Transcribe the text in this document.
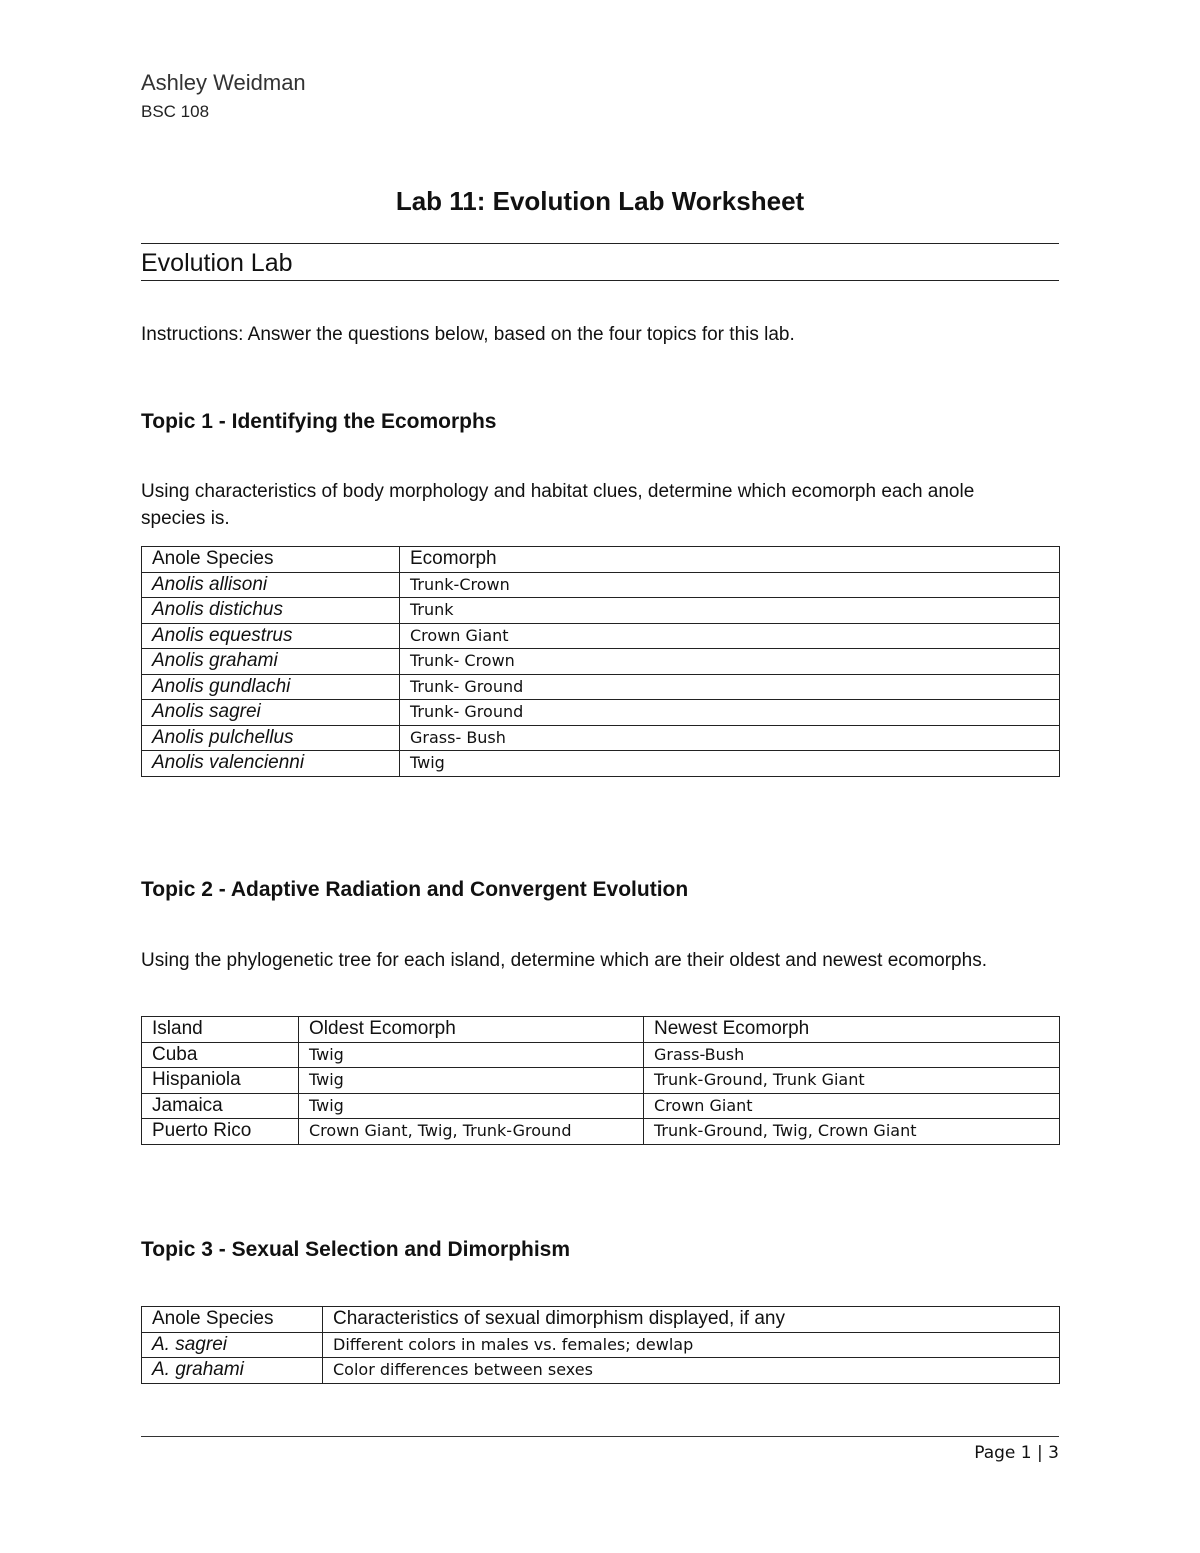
Ashley Weidman
BSC 108
Lab 11: Evolution Lab Worksheet
Evolution Lab
Instructions: Answer the questions below, based on the four topics for this lab.
Topic 1 - Identifying the Ecomorphs
Using characteristics of body morphology and habitat clues, determine which ecomorph each anole species is.
Anole Species	Ecomorph
Anolis allisoni	Trunk-Crown
Anolis distichus	Trunk
Anolis equestrus	Crown Giant
Anolis grahami	Trunk- Crown
Anolis gundlachi	Trunk- Ground
Anolis sagrei	Trunk- Ground
Anolis pulchellus	Grass- Bush
Anolis valencienni	Twig
Topic 2 - Adaptive Radiation and Convergent Evolution
Using the phylogenetic tree for each island, determine which are their oldest and newest ecomorphs.
Island	Oldest Ecomorph	Newest Ecomorph
Cuba	Twig	Grass-Bush
Hispaniola	Twig	Trunk-Ground, Trunk Giant
Jamaica	Twig	Crown Giant
Puerto Rico	Crown Giant, Twig, Trunk-Ground	Trunk-Ground, Twig, Crown Giant
Topic 3 - Sexual Selection and Dimorphism
Anole Species	Characteristics of sexual dimorphism displayed, if any
A. sagrei	Different colors in males vs. females; dewlap
A. grahami	Color differences between sexes
Page 1 | 3
